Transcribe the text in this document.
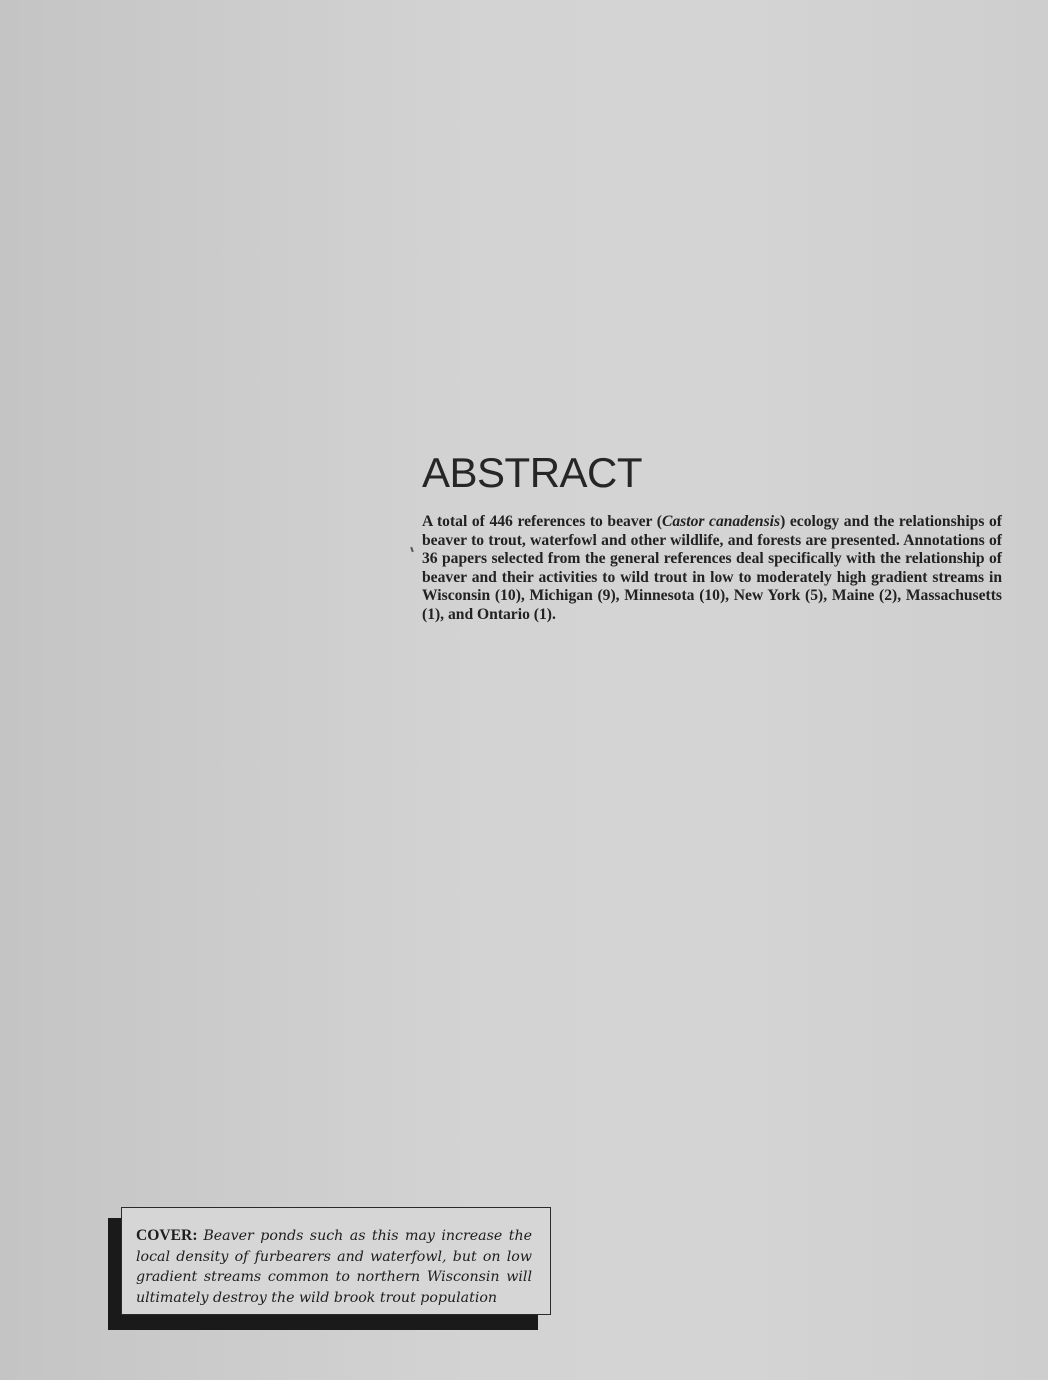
ABSTRACT

A total of 446 references to beaver (Castor canadensis) ecology and the relationships of beaver to trout, waterfowl and other wildlife, and forests are presented. Annotations of 36 papers selected from the general references deal specifically with the relationship of beaver and their activities to wild trout in low to moderately high gradient streams in Wisconsin (10), Michigan (9), Minnesota (10), New York (5), Maine (2), Massachusetts (1), and Ontario (1).

COVER: Beaver ponds such as this may increase the local density of furbearers and waterfowl, but on low gradient streams common to northern Wisconsin will ultimately destroy the wild brook trout population
